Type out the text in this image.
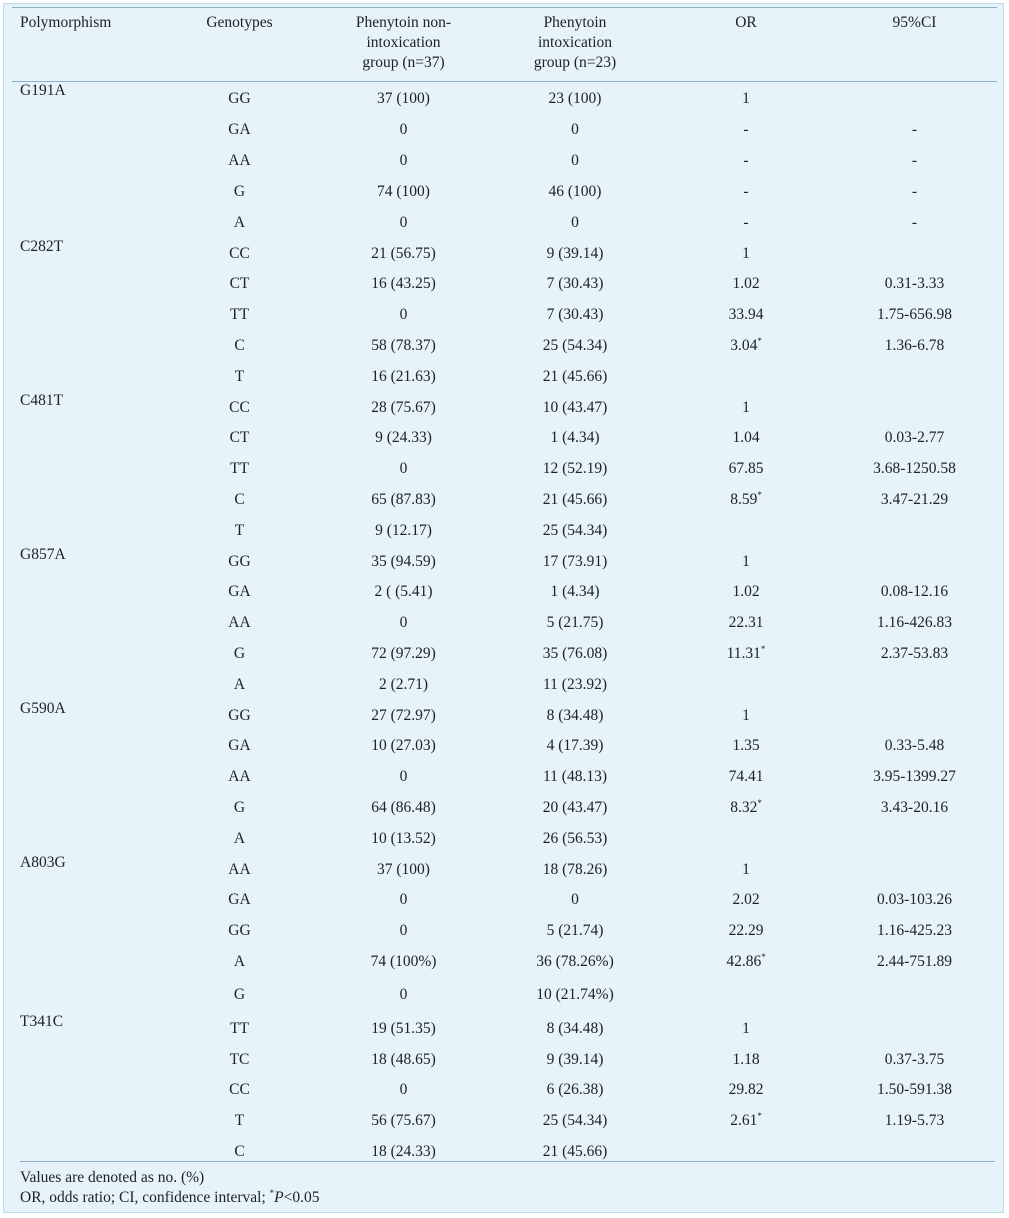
Polymorphism	Genotypes	Phenytoin non-intoxication group (n=37)	Phenytoin intoxication group (n=23)	OR	95%CI
G191A	GG	37 (100)	23 (100)	1	
	GA	0	0	-	-
	AA	0	0	-	-
	G	74 (100)	46 (100)	-	-
	A	0	0	-	-
C282T	CC	21 (56.75)	9 (39.14)	1	
	CT	16 (43.25)	7 (30.43)	1.02	0.31-3.33
	TT	0	7 (30.43)	33.94	1.75-656.98
	C	58 (78.37)	25 (54.34)	3.04*	1.36-6.78
	T	16 (21.63)	21 (45.66)		
C481T	CC	28 (75.67)	10 (43.47)	1	
	CT	9 (24.33)	1 (4.34)	1.04	0.03-2.77
	TT	0	12 (52.19)	67.85	3.68-1250.58
	C	65 (87.83)	21 (45.66)	8.59*	3.47-21.29
	T	9 (12.17)	25 (54.34)		
G857A	GG	35 (94.59)	17 (73.91)	1	
	GA	2 ( (5.41)	1 (4.34)	1.02	0.08-12.16
	AA	0	5 (21.75)	22.31	1.16-426.83
	G	72 (97.29)	35 (76.08)	11.31*	2.37-53.83
	A	2 (2.71)	11 (23.92)		
G590A	GG	27 (72.97)	8 (34.48)	1	
	GA	10 (27.03)	4 (17.39)	1.35	0.33-5.48
	AA	0	11 (48.13)	74.41	3.95-1399.27
	G	64 (86.48)	20 (43.47)	8.32*	3.43-20.16
	A	10 (13.52)	26 (56.53)		
A803G	AA	37 (100)	18 (78.26)	1	
	GA	0	0	2.02	0.03-103.26
	GG	0	5 (21.74)	22.29	1.16-425.23
	A	74 (100%)	36 (78.26%)	42.86*	2.44-751.89
	G	0	10 (21.74%)		
T341C	TT	19 (51.35)	8 (34.48)	1	
	TC	18 (48.65)	9 (39.14)	1.18	0.37-3.75
	CC	0	6 (26.38)	29.82	1.50-591.38
	T	56 (75.67)	25 (54.34)	2.61*	1.19-5.73
	C	18 (24.33)	21 (45.66)		
Values are denoted as no. (%)
OR, odds ratio; CI, confidence interval; *P<0.05
